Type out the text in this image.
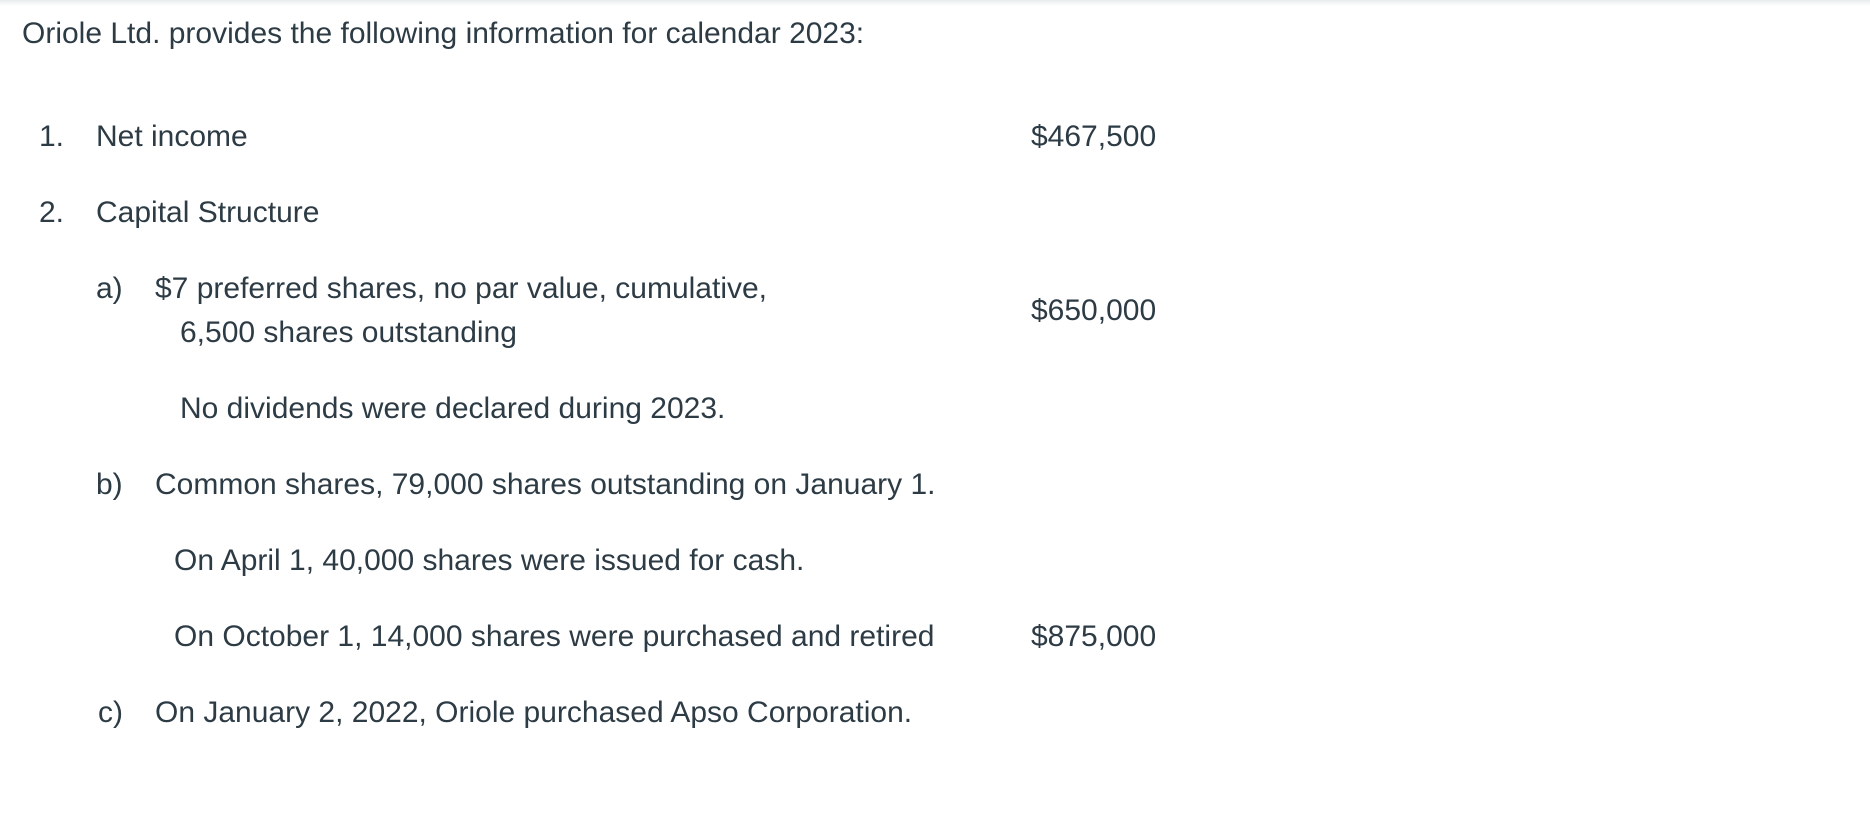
Oriole Ltd. provides the following information for calendar 2023:
1. Net income	$467,500
2. Capital Structure
a) $7 preferred shares, no par value, cumulative,
6,500 shares outstanding
$650,000
No dividends were declared during 2023.
b) Common shares, 79,000 shares outstanding on January 1.
On April 1, 40,000 shares were issued for cash.
On October 1, 14,000 shares were purchased and retired	$875,000
c) On January 2, 2022, Oriole purchased Apso Corporation.
